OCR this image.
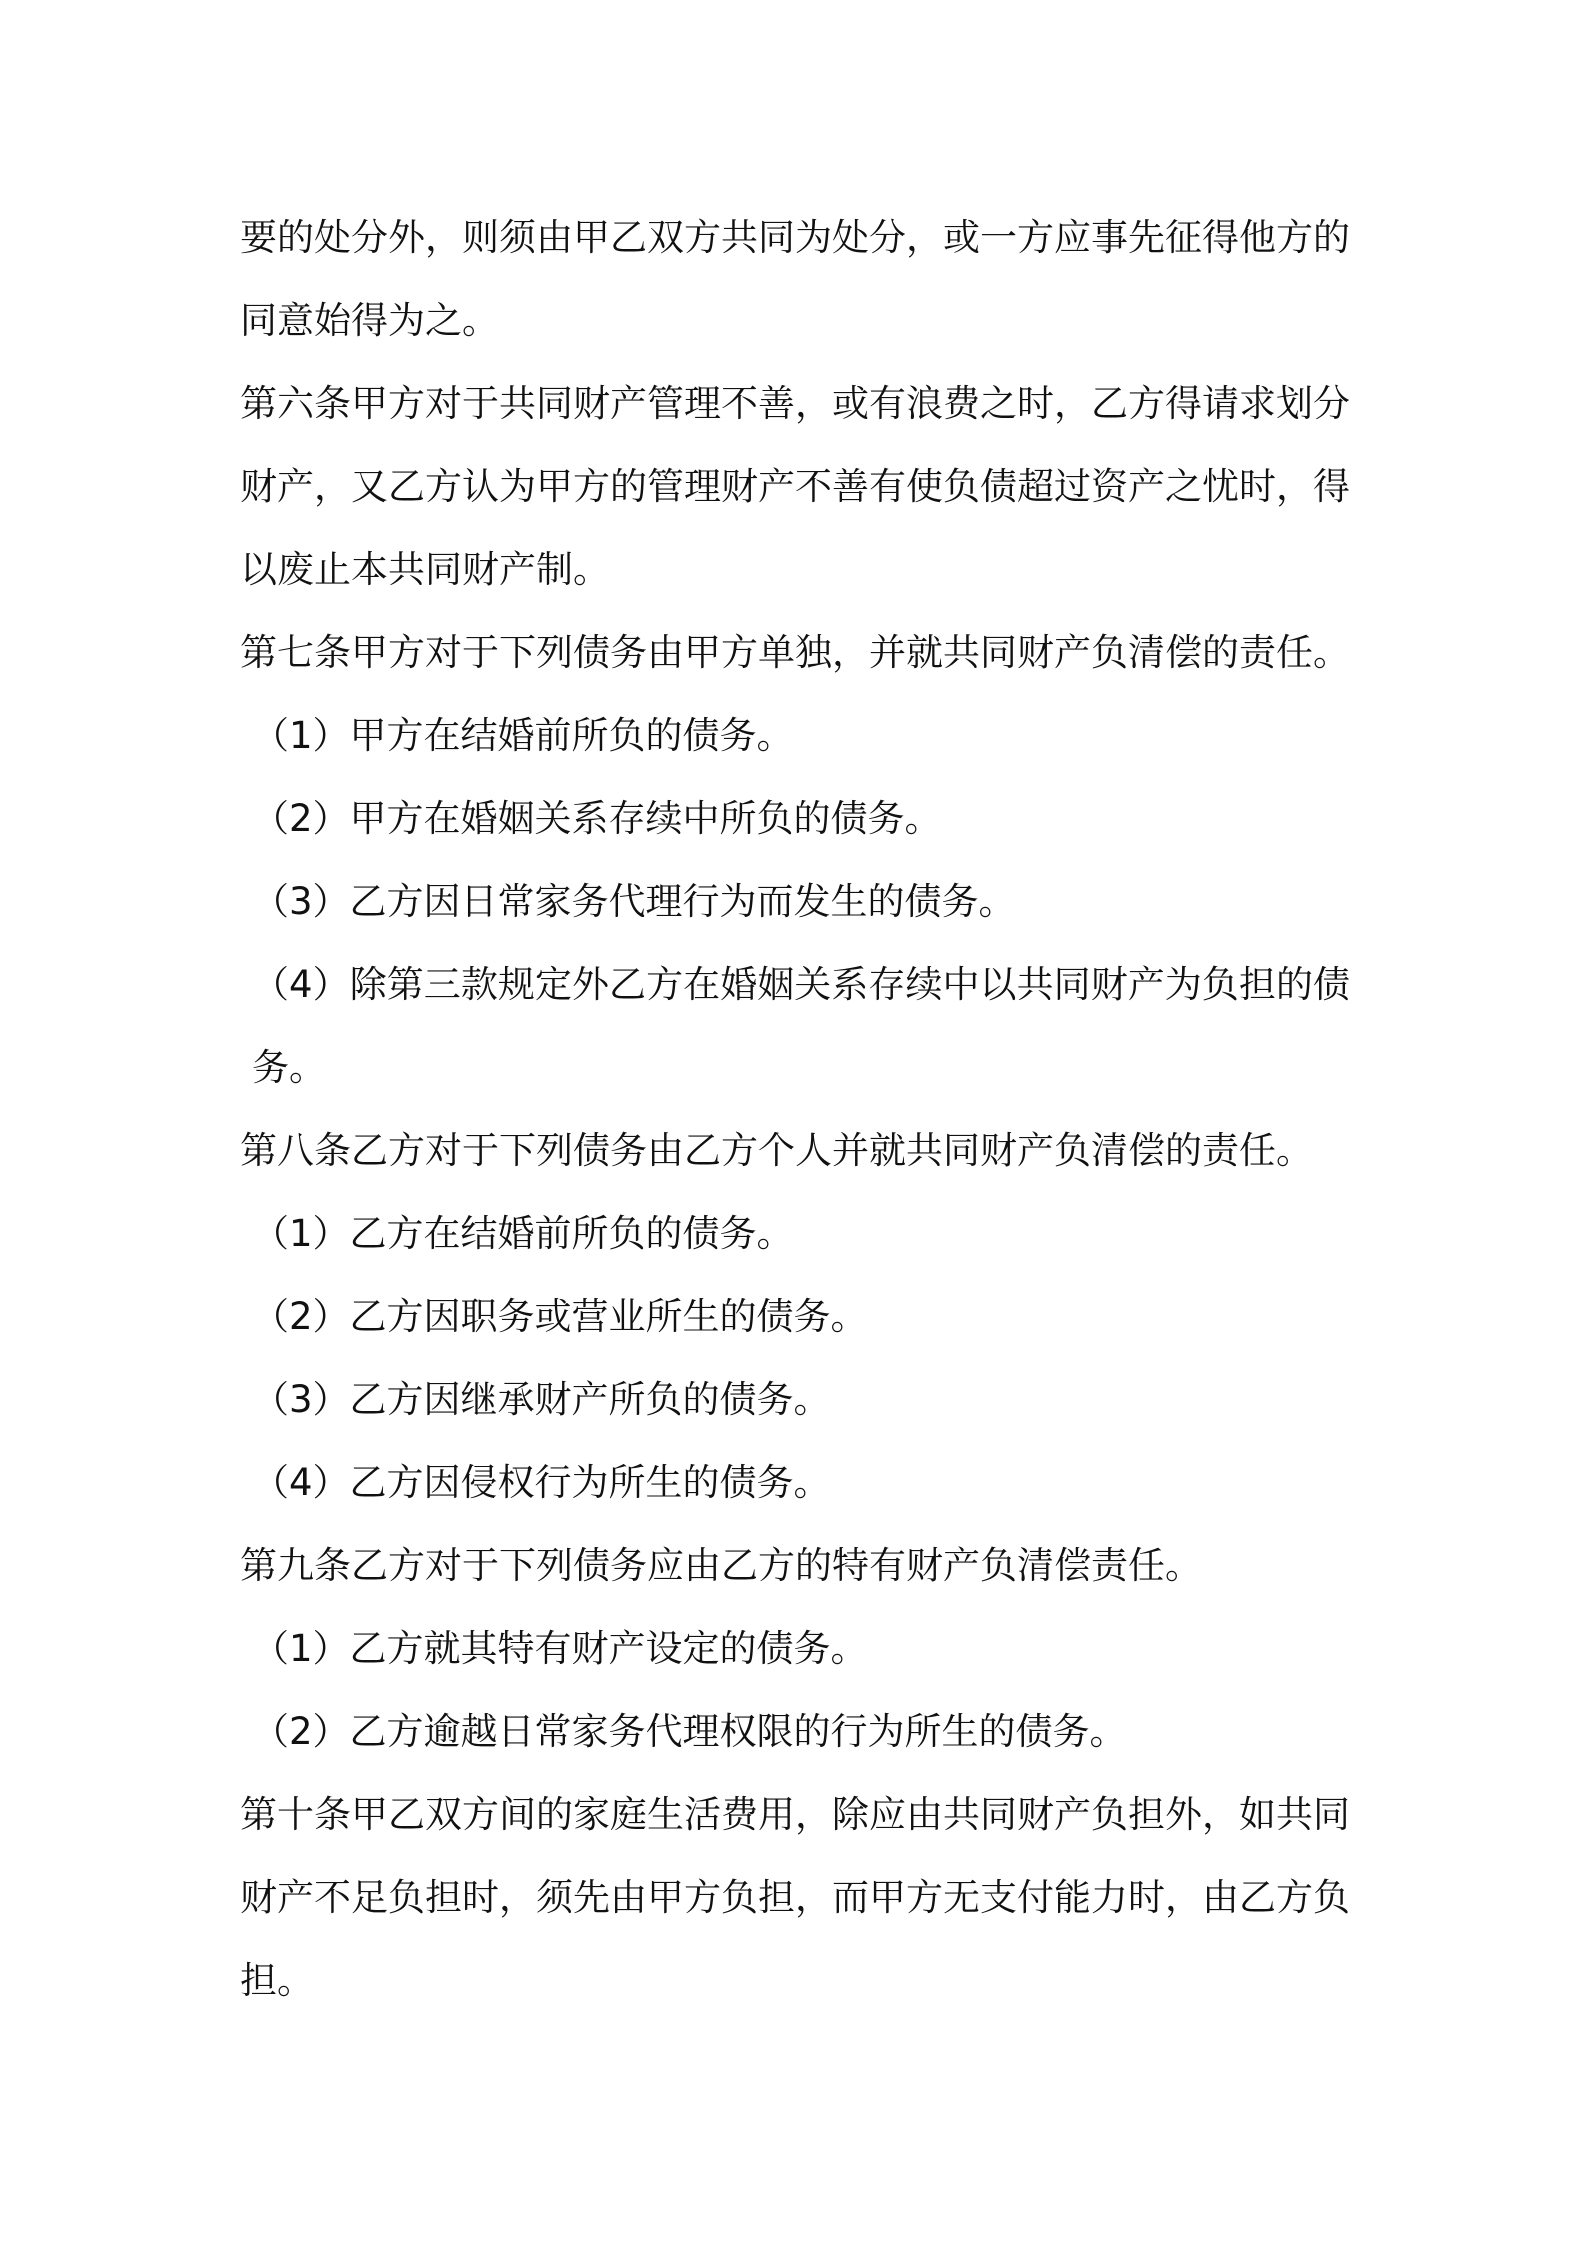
要的处分外，则须由甲乙双方共同为处分，或一方应事先征得他方的同意始得为之。

第六条甲方对于共同财产管理不善，或有浪费之时，乙方得请求划分财产，又乙方认为甲方的管理财产不善有使负债超过资产之忧时，得以废止本共同财产制。

第七条甲方对于下列债务由甲方单独，并就共同财产负清偿的责任。

（1）甲方在结婚前所负的债务。

（2）甲方在婚姻关系存续中所负的债务。

（3）乙方因日常家务代理行为而发生的债务。

（4）除第三款规定外乙方在婚姻关系存续中以共同财产为负担的债务。

第八条乙方对于下列债务由乙方个人并就共同财产负清偿的责任。

（1）乙方在结婚前所负的债务。

（2）乙方因职务或营业所生的债务。

（3）乙方因继承财产所负的债务。

（4）乙方因侵权行为所生的债务。

第九条乙方对于下列债务应由乙方的特有财产负清偿责任。

（1）乙方就其特有财产设定的债务。

（2）乙方逾越日常家务代理权限的行为所生的债务。

第十条甲乙双方间的家庭生活费用，除应由共同财产负担外，如共同财产不足负担时，须先由甲方负担，而甲方无支付能力时，由乙方负担。
